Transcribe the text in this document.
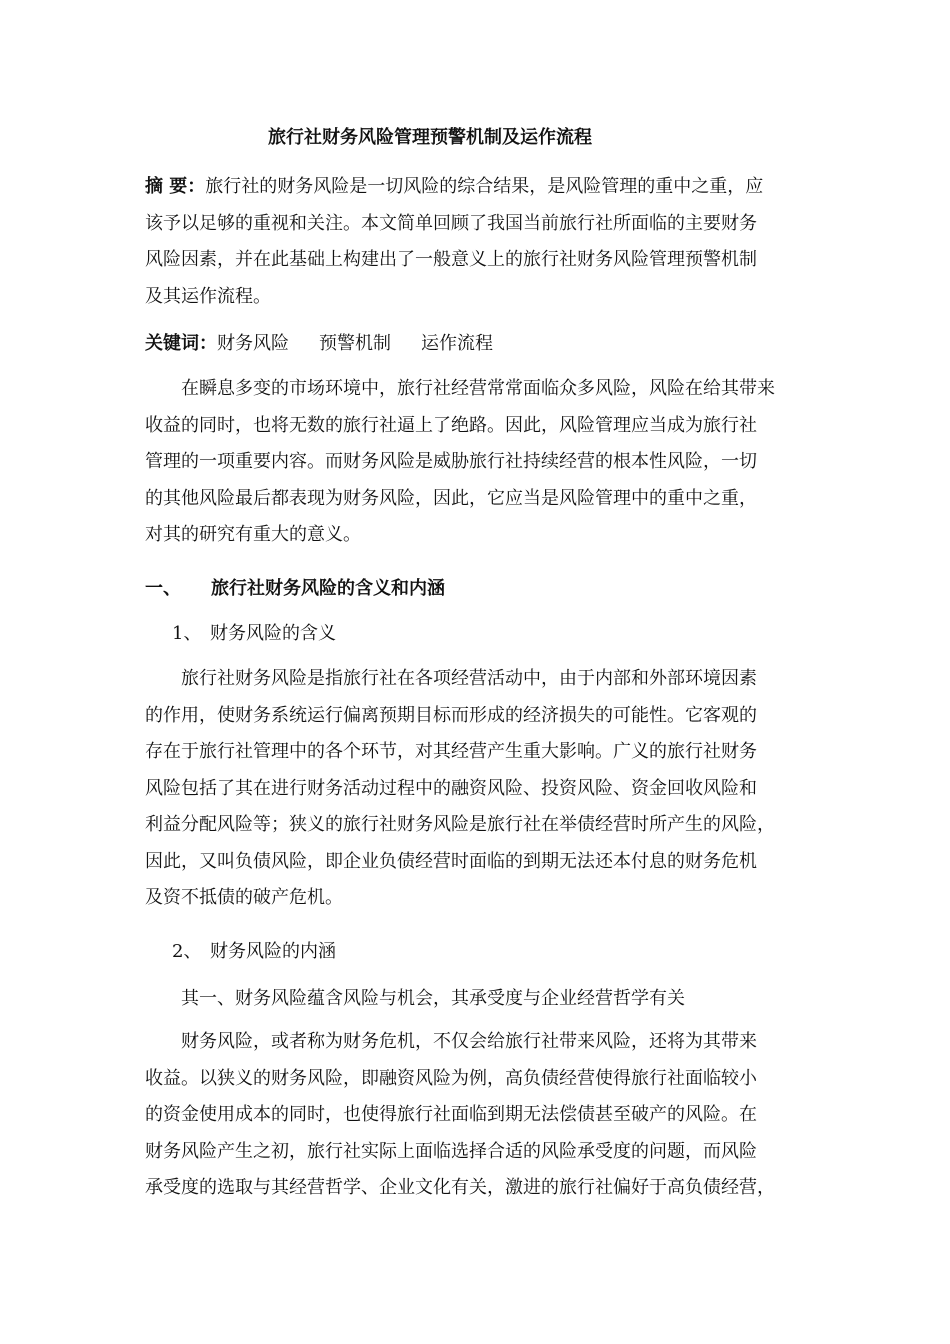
旅行社财务风险管理预警机制及运作流程
摘 要：旅行社的财务风险是一切风险的综合结果，是风险管理的重中之重，应
该予以足够的重视和关注。本文简单回顾了我国当前旅行社所面临的主要财务
风险因素，并在此基础上构建出了一般意义上的旅行社财务风险管理预警机制
及其运作流程。
关键词：财务风险 预警机制 运作流程
在瞬息多变的市场环境中，旅行社经营常常面临众多风险，风险在给其带来
收益的同时，也将无数的旅行社逼上了绝路。因此，风险管理应当成为旅行社
管理的一项重要内容。而财务风险是威胁旅行社持续经营的根本性风险，一切
的其他风险最后都表现为财务风险，因此，它应当是风险管理中的重中之重，
对其的研究有重大的意义。
一、 旅行社财务风险的含义和内涵
1、 财务风险的含义
旅行社财务风险是指旅行社在各项经营活动中，由于内部和外部环境因素
的作用，使财务系统运行偏离预期目标而形成的经济损失的可能性。它客观的
存在于旅行社管理中的各个环节，对其经营产生重大影响。广义的旅行社财务
风险包括了其在进行财务活动过程中的融资风险、投资风险、资金回收风险和
利益分配风险等；狭义的旅行社财务风险是旅行社在举债经营时所产生的风险，
因此，又叫负债风险，即企业负债经营时面临的到期无法还本付息的财务危机
及资不抵债的破产危机。
2、 财务风险的内涵
其一、财务风险蕴含风险与机会，其承受度与企业经营哲学有关
财务风险，或者称为财务危机，不仅会给旅行社带来风险，还将为其带来
收益。以狭义的财务风险，即融资风险为例，高负债经营使得旅行社面临较小
的资金使用成本的同时，也使得旅行社面临到期无法偿债甚至破产的风险。在
财务风险产生之初，旅行社实际上面临选择合适的风险承受度的问题，而风险
承受度的选取与其经营哲学、企业文化有关，激进的旅行社偏好于高负债经营，
